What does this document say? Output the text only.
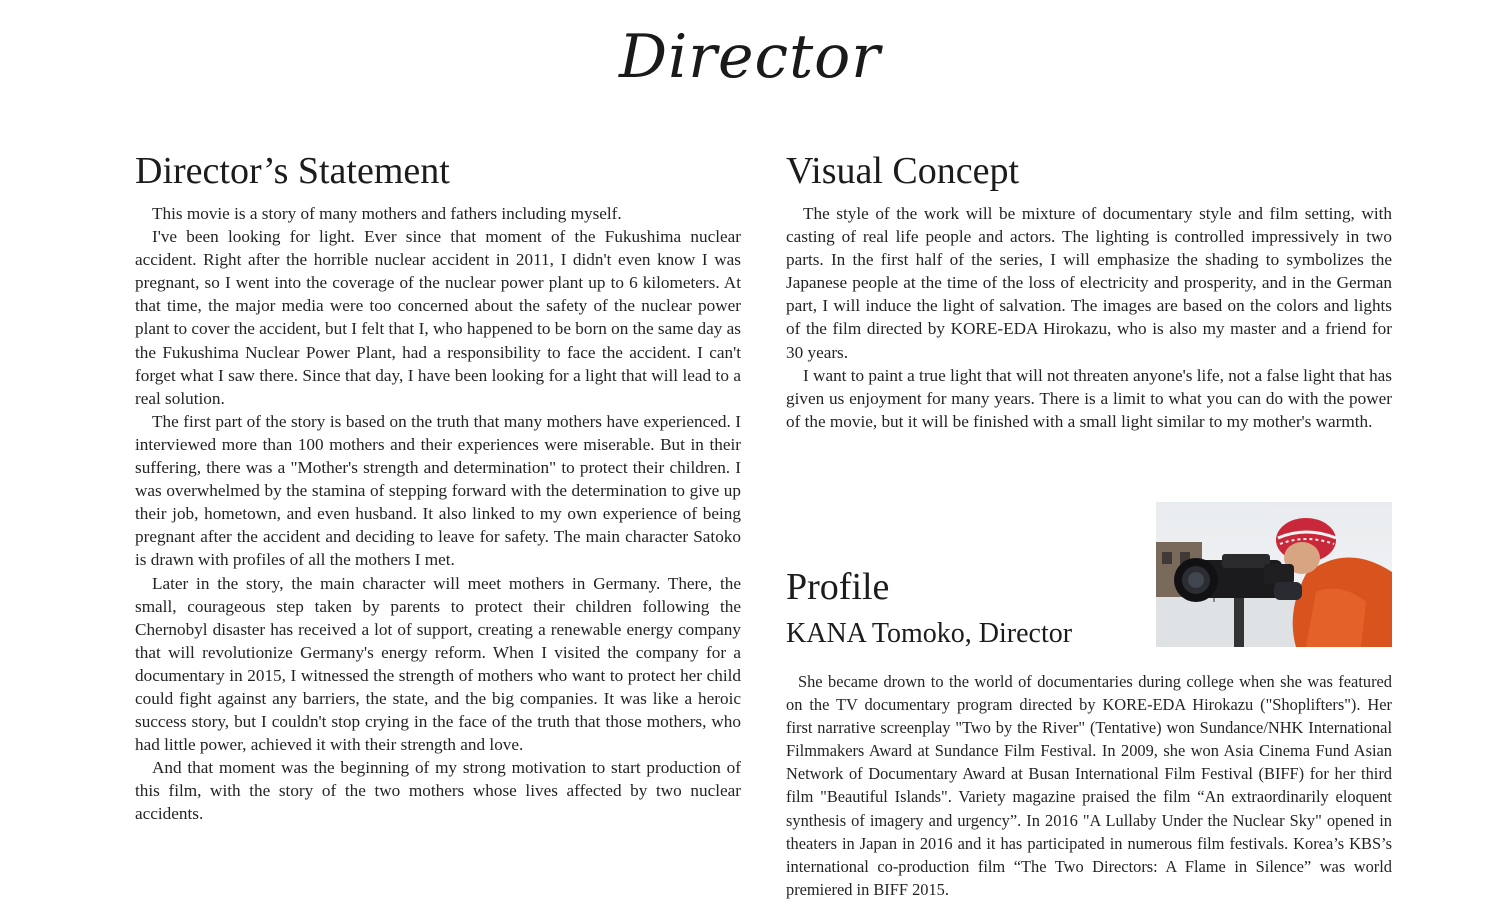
Director
Director’s Statement

This movie is a story of many mothers and fathers including myself.

I've been looking for light. Ever since that moment of the Fukushima nuclear accident. Right after the horrible nuclear accident in 2011, I didn't even know I was pregnant, so I went into the coverage of the nuclear power plant up to 6 kilometers. At that time, the major media were too concerned about the safety of the nuclear power plant to cover the accident, but I felt that I, who happened to be born on the same day as the Fukushima Nuclear Power Plant, had a responsibility to face the accident. I can't forget what I saw there. Since that day, I have been looking for a light that will lead to a real solution.

The first part of the story is based on the truth that many mothers have experienced. I interviewed more than 100 mothers and their experiences were miserable. But in their suffering, there was a "Mother's strength and determination" to protect their children. I was overwhelmed by the stamina of stepping forward with the determination to give up their job, hometown, and even husband. It also linked to my own experience of being pregnant after the accident and deciding to leave for safety. The main character Satoko is drawn with profiles of all the mothers I met.

Later in the story, the main character will meet mothers in Germany. There, the small, courageous step taken by parents to protect their children following the Chernobyl disaster has received a lot of support, creating a renewable energy company that will revolutionize Germany's energy reform. When I visited the company for a documentary in 2015, I witnessed the strength of mothers who want to protect her child could fight against any barriers, the state, and the big companies. It was like a heroic success story, but I couldn't stop crying in the face of the truth that those mothers, who had little power, achieved it with their strength and love.

And that moment was the beginning of my strong motivation to start production of this film, with the story of the two mothers whose lives affected by two nuclear accidents.

Visual Concept

The style of the work will be mixture of documentary style and film setting, with casting of real life people and actors. The lighting is controlled impressively in two parts. In the first half of the series, I will emphasize the shading to symbolizes the Japanese people at the time of the loss of electricity and prosperity, and in the German part, I will induce the light of salvation. The images are based on the colors and lights of the film directed by KORE-EDA Hirokazu, who is also my master and a friend for 30 years.

I want to paint a true light that will not threaten anyone's life, not a false light that has given us enjoyment for many years. There is a limit to what you can do with the power of the movie, but it will be finished with a small light similar to my mother's warmth.

Profile
KANA Tomoko, Director

She became drown to the world of documentaries during college when she was featured on the TV documentary program directed by KORE-EDA Hirokazu ("Shoplifters"). Her first narrative screenplay "Two by the River" (Tentative) won Sundance/NHK International Filmmakers Award at Sundance Film Festival. In 2009, she won Asia Cinema Fund Asian Network of Documentary Award at Busan International Film Festival (BIFF) for her third film "Beautiful Islands". Variety magazine praised the film “An extraordinarily eloquent synthesis of imagery and urgency”. In 2016 "A Lullaby Under the Nuclear Sky" opened in theaters in Japan in 2016 and it has participated in numerous film festivals. Korea’s KBS’s international co-production film “The Two Directors: A Flame in Silence” was world premiered in BIFF 2015.
